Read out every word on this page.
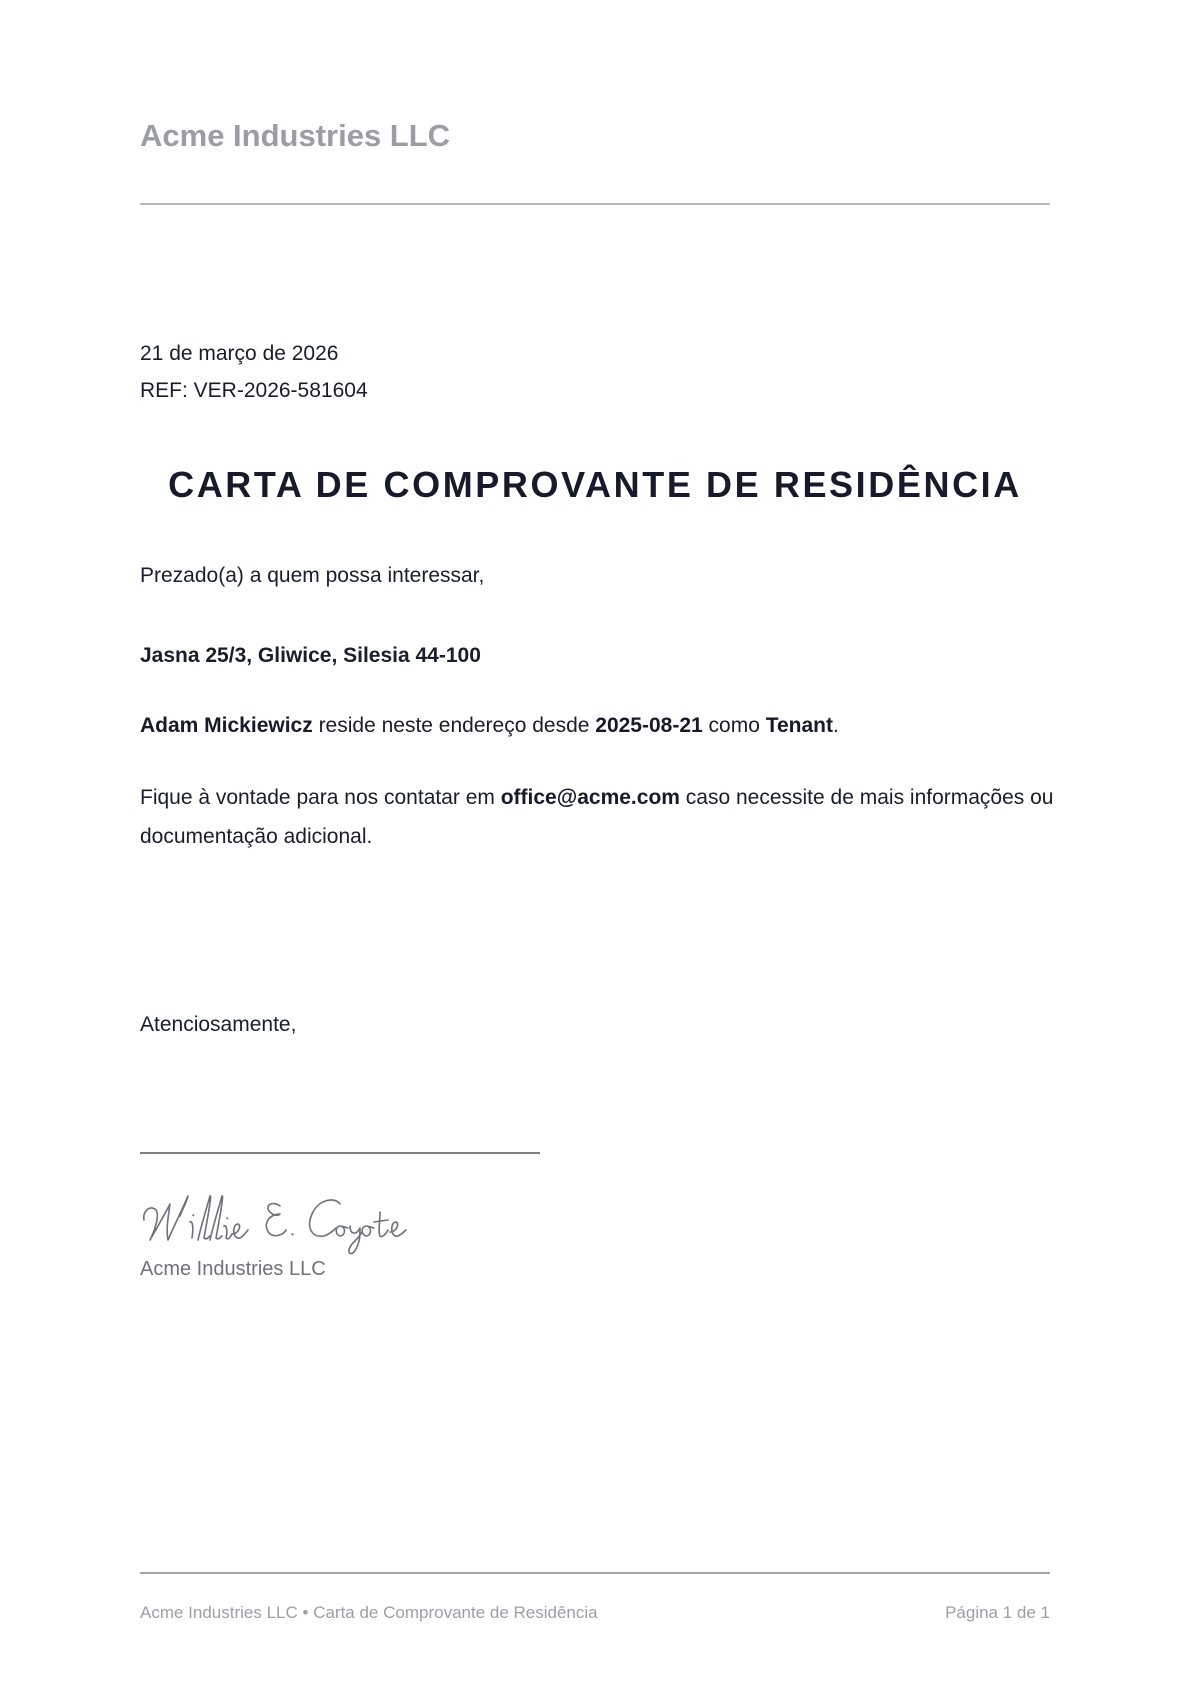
Acme Industries LLC
21 de março de 2026
REF: VER-2026-581604
CARTA DE COMPROVANTE DE RESIDÊNCIA
Prezado(a) a quem possa interessar,
Jasna 25/3, Gliwice, Silesia 44-100
Adam Mickiewicz reside neste endereço desde 2025-08-21 como Tenant.
Fique à vontade para nos contatar em office@acme.com caso necessite de mais informações ou documentação adicional.
Atenciosamente,
Acme Industries LLC
Acme Industries LLC • Carta de Comprovante de Residência	Página 1 de 1
